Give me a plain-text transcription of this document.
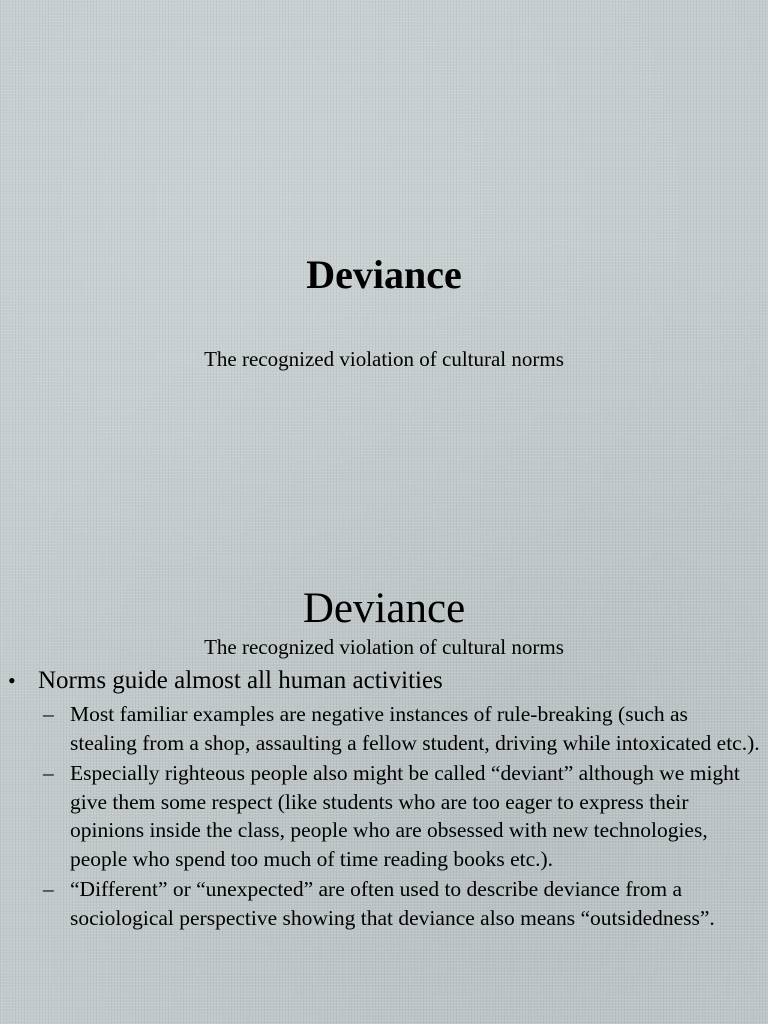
Deviance
The recognized violation of cultural norms
Deviance
The recognized violation of cultural norms
• Norms guide almost all human activities
– Most familiar examples are negative instances of rule-breaking (such as stealing from a shop, assaulting a fellow student, driving while intoxicated etc.).
– Especially righteous people also might be called “deviant” although we might give them some respect (like students who are too eager to express their opinions inside the class, people who are obsessed with new technologies, people who spend too much of time reading books etc.).
– “Different” or “unexpected” are often used to describe deviance from a sociological perspective showing that deviance also means “outsidedness”.
